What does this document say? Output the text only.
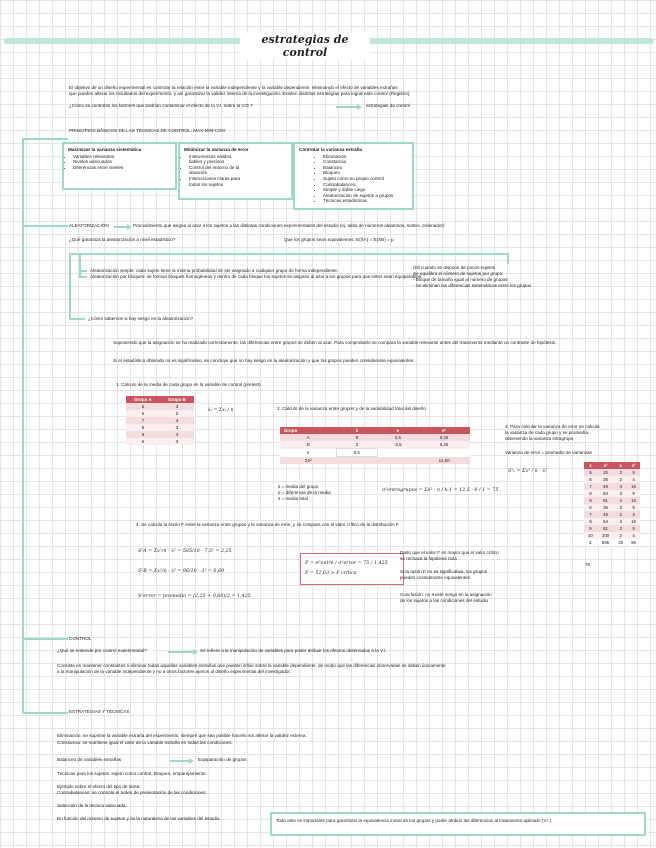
estrategias de control
El objetivo de un diseño experimental es controlar la relación entre la variable independiente y la variable dependiente, eliminando el efecto de variables extrañas
que pueden alterar los resultados del experimento, y así garantizar la validez interna de la investigación. Existen distintas estrategias para lograr este control (Registro).
¿Cómo se controlan los factores que podrían contaminar el efecto de la V.I. sobre la V.D.?	estrategias de control
PRINCIPIOS BÁSICOS DE LAS TÉCNICAS DE CONTROL: MAX-MIN-CON
Maximizar la varianza sistemática
• Variables relevantes
• Niveles adecuados
• Diferencias entre niveles
Minimizar la varianza de error
• Instrumentos válidos,
fiables y precisos
• Control del entorno de la
situación
• Instrucciones claras para
todos los sujetos
Controlar la varianza extraña
• Eliminación
• Constancia
• Balanceo
• Bloqueo
• Sujeto como su propio control
• Contrabalanceo
• Simple y doble ciego
• Aleatorización de sujetos a grupos
• Técnicas estadísticas
ALEATORIZACIÓN	Procedimiento que asigna al azar a los sujetos a las distintas condiciones experimentales del estudio (ej. tabla de números aleatorios, sorteo, ordenador)
¿Qué garantiza la aleatorización a nivel estadístico?	Que los grupos sean equivalentes: E(X̄A) = E(X̄B) = μ
Aleatorización simple: cada sujeto tiene la misma probabilidad de ser asignado a cualquier grupo de forma independiente.
Aleatorización por bloques: se forman bloques homogéneos y dentro de cada bloque los sujetos se asignan al azar a los grupos para que estos sean equiparables.
Útil cuando se dispone de pocos sujetos
Se equilibra el número de sujetos por grupo:
- Bloque de tamaño igual al número de grupos
- Se eliminan las diferencias sistemáticas entre los grupos
¿Cómo sabemos si hay sesgo en la aleatorización?
Suponiendo que la asignación se ha realizado correctamente, las diferencias entre grupos se deben al azar. Para comprobarlo se compara la variable relevante antes del tratamiento mediante un contraste de hipótesis.
Si el estadístico obtenido no es significativo, se concluye que no hay sesgo en la aleatorización y que los grupos pueden considerarse equivalentes.
1. Cálculo de la media de cada grupo en la variable de control (pretest).
Grupo A	Grupo B
5	3
6	2
7	4
8	3
9	4
6	3
x̄ᵢ = Σxᵢ / n	2. Cálculo de la varianza entre grupos y de la variabilidad total del diseño
Grupo	x̄	e	e²
A	8	2,5	6,25
B	3	-2,5	6,25
x̄	5,5		
Σe²			12,50
x̄ = media del grupo
e = diferencia de la media
x̄ = media total
σ²entregrupos = Σe² · n / k-1 = 12,5 · 6 / 1 = 75
3. Para calcular la varianza de error se calcula
la varianza de cada grupo y se promedia,
obteniendo la varianza intragrupo.
Varianza de error = promedio de varianzas
S²ₓ = Σx² / n - x̄²
x	x²	x	x²
5	25	3	9
6	36	2	4
7	49	4	16
8	64	3	9
9	81	4	16
6	36	3	9
7	49	2	4
8	64	4	16
9	81	3	9
10	100	2	4
Σ	585	30	96
75
4. Se calcula la razón F entre la varianza entre grupos y la varianza de error, y se compara con el valor crítico de la distribución F
S²A = Σx²/n - x̄² = 585/10 - 7,5² = 2,25
S²B = Σx²/n - x̄² = 96/10 - 3² = 0,60
S²error = promedio = (2,25 + 0,60)/2 = 1,425
F = σ²entre / σ²error = 75 / 1,425
F = 52,63 > F crítica
Dado que el valor F es mayor que el valor crítico
se rechaza la hipótesis nula
Si la razón F no es significativa, los grupos
pueden considerarse equivalentes.
Conclusión: no existe sesgo en la asignación
de los sujetos a las condiciones del estudio
CONTROL
¿Qué se entiende por control experimental?	Se refiere a la manipulación de variables para poder atribuir los efectos observados a la V.I.
Consiste en mantener constantes o eliminar todas aquellas variables extrañas que pueden influir sobre la variable dependiente, de modo que las diferencias observadas se deban únicamente
a la manipulación de la variable independiente y no a otros factores ajenos al diseño experimental del investigador.
ESTRATEGIAS Y TÉCNICAS
Eliminación: se suprime la variable extraña del experimento, siempre que sea posible hacerlo sin alterar la validez externa.
Constancia: se mantiene igual el valor de la variable extraña en todas las condiciones.
Balanceo de variables extrañas	Equiparación de grupos
Técnicas para los sujetos: sujeto como control, bloqueo, emparejamiento.
Ejemplo sobre el efecto del tipo de tarea:
Contrabalanceo: se controla el orden de presentación de las condiciones.
Selección de la técnica adecuada:
En función del número de sujetos y de la naturaleza de las variables del estudio.	Todo esto es importante para garantizar la equivalencia inicial de los grupos y poder atribuir las diferencias al tratamiento aplicado (V.I.)
